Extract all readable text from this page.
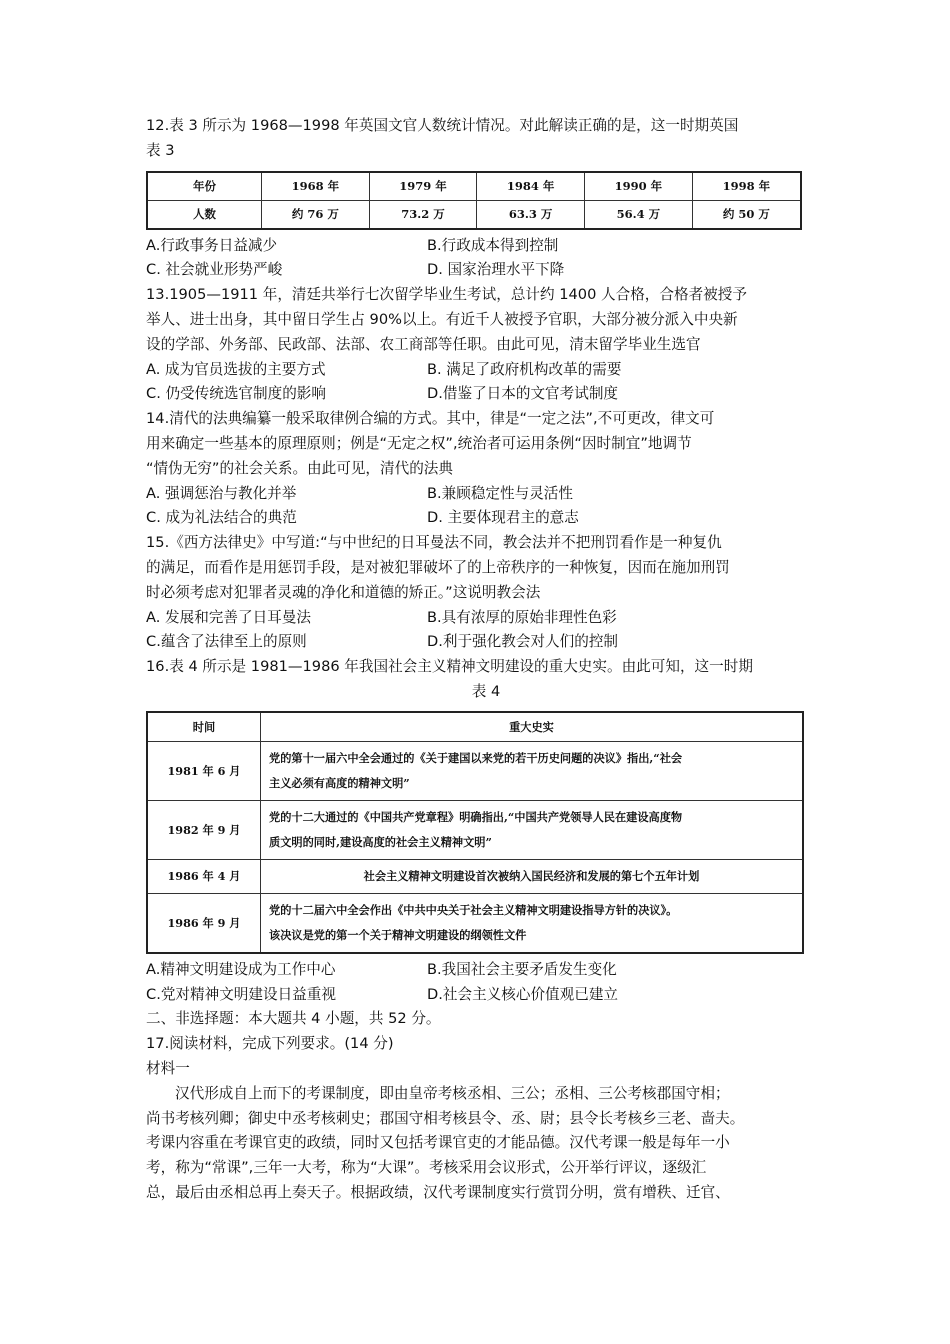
12.表 3 所示为 1968—1998 年英国文官人数统计情况。对此解读正确的是，这一时期英国
表 3
年份	1968 年	1979 年	1984 年	1990 年	1998 年
人数	约 76 万	73.2 万	63.3 万	56.4 万	约 50 万
A.行政事务日益减少	B.行政成本得到控制
C. 社会就业形势严峻	D. 国家治理水平下降
13.1905—1911 年，清廷共举行七次留学毕业生考试，总计约 1400 人合格，合格者被授予
举人、进士出身，其中留日学生占 90%以上。有近千人被授予官职，大部分被分派入中央新
设的学部、外务部、民政部、法部、农工商部等任职。由此可见，清末留学毕业生选官
A. 成为官员选拔的主要方式	B. 满足了政府机构改革的需要
C. 仍受传统选官制度的影响	D.借鉴了日本的文官考试制度
14.清代的法典编纂一般采取律例合编的方式。其中，律是“一定之法”,不可更改，律文可
用来确定一些基本的原理原则；例是“无定之权”,统治者可运用条例“因时制宜”地调节
“情伪无穷”的社会关系。由此可见，清代的法典
A. 强调惩治与教化并举	B.兼顾稳定性与灵活性
C. 成为礼法结合的典范	D. 主要体现君主的意志
15.《西方法律史》中写道:“与中世纪的日耳曼法不同，教会法并不把刑罚看作是一种复仇
的满足，而看作是用惩罚手段，是对被犯罪破坏了的上帝秩序的一种恢复，因而在施加刑罚
时必须考虑对犯罪者灵魂的净化和道德的矫正。”这说明教会法
A. 发展和完善了日耳曼法	B.具有浓厚的原始非理性色彩
C.蕴含了法律至上的原则	D.利于强化教会对人们的控制
16.表 4 所示是 1981—1986 年我国社会主义精神文明建设的重大史实。由此可知，这一时期
表 4
时间	重大史实
1981 年 6 月	党的第十一届六中全会通过的《关于建国以来党的若干历史问题的决议》指出,“社会
主义必须有高度的精神文明”

1982 年 9 月	党的十二大通过的《中国共产党章程》明确指出,“中国共产党领导人民在建设高度物
质文明的同时,建设高度的社会主义精神文明”

1986 年 4 月	社会主义精神文明建设首次被纳入国民经济和发展的第七个五年计划

1986 年 9 月	党的十二届六中全会作出《中共中央关于社会主义精神文明建设指导方针的决议》。
该决议是党的第一个关于精神文明建设的纲领性文件
A.精神文明建设成为工作中心	B.我国社会主要矛盾发生变化
C.党对精神文明建设日益重视	D.社会主义核心价值观已建立
二、非选择题：本大题共 4 小题，共 52 分。
17.阅读材料，完成下列要求。(14 分)
材料一
汉代形成自上而下的考课制度，即由皇帝考核丞相、三公；丞相、三公考核郡国守相；
尚书考核列卿；御史中丞考核刺史；郡国守相考核县令、丞、尉；县令长考核乡三老、啬夫。
考课内容重在考课官吏的政绩，同时又包括考课官吏的才能品德。汉代考课一般是每年一小
考，称为“常课”,三年一大考，称为“大课”。考核采用会议形式，公开举行评议，逐级汇
总，最后由丞相总再上奏天子。根据政绩，汉代考课制度实行赏罚分明，赏有增秩、迁官、
